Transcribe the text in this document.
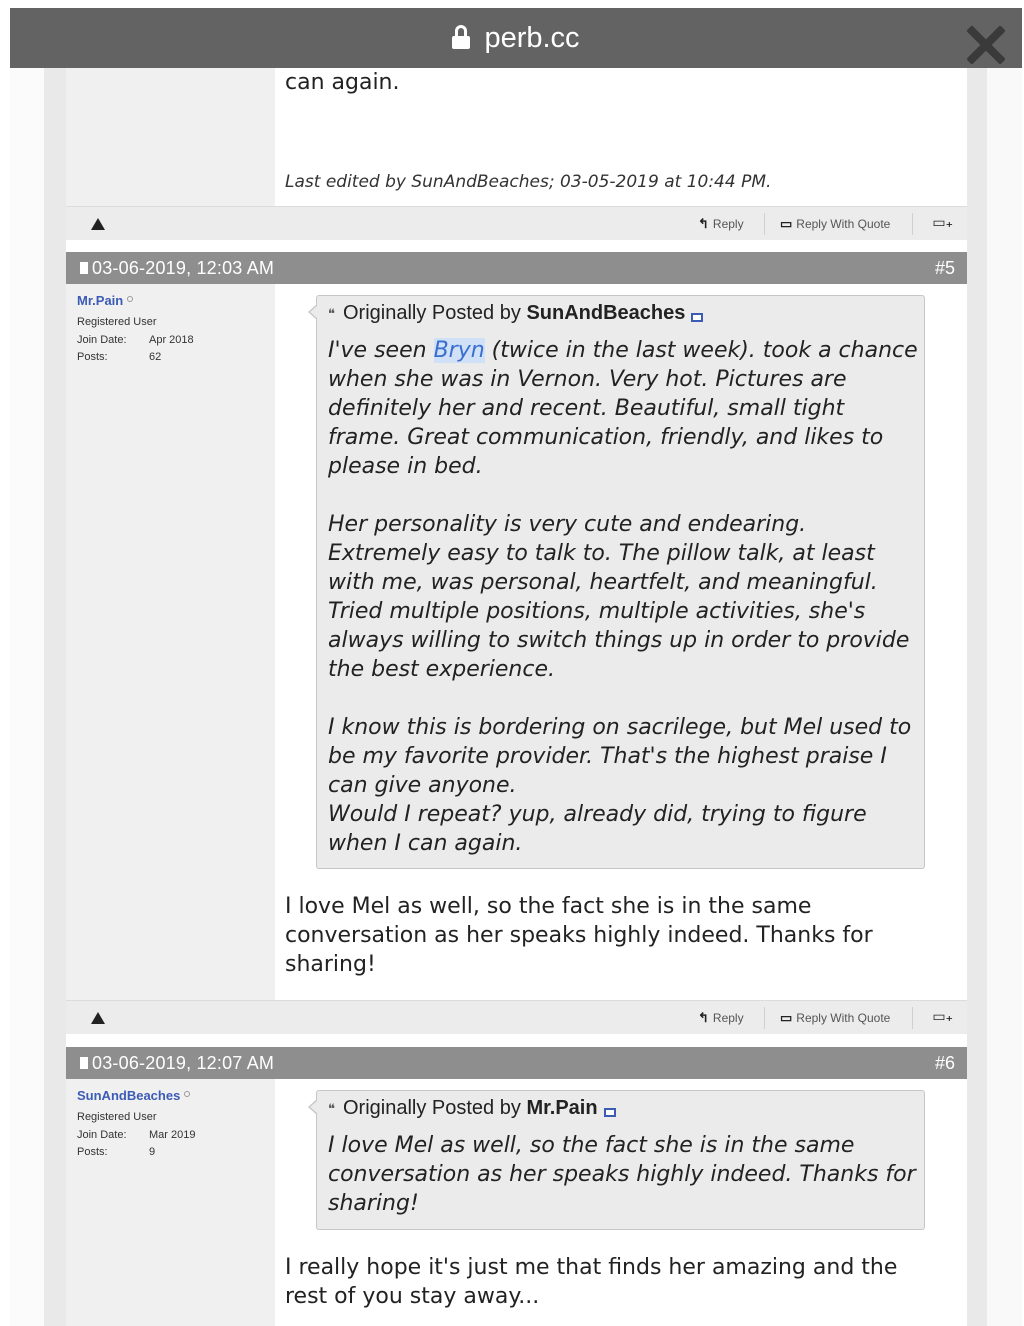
can again.
Last edited by SunAndBeaches; 03-05-2019 at 10:44 PM.
↰ Reply	▭ Reply With Quote	▭₊
03-06-2019, 12:03 AM	#5
Mr.Pain
Registered User
Join Date: Apr 2018
Posts:	62
❝ Originally Posted by SunAndBeaches
I've seen Bryn (twice in the last week). took a chance when she was in Vernon. Very hot. Pictures are definitely her and recent. Beautiful, small tight frame. Great communication, friendly, and likes to please in bed.
Her personality is very cute and endearing. Extremely easy to talk to. The pillow talk, at least with me, was personal, heartfelt, and meaningful. Tried multiple positions, multiple activities, she's always willing to switch things up in order to provide the best experience.
I know this is bordering on sacrilege, but Mel used to be my favorite provider. That's the highest praise I can give anyone.
Would I repeat? yup, already did, trying to figure when I can again.
I love Mel as well, so the fact she is in the same conversation as her speaks highly indeed. Thanks for sharing!
↰ Reply	▭ Reply With Quote	▭₊
03-06-2019, 12:07 AM	#6
SunAndBeaches
Registered User
Join Date: Mar 2019
Posts:	9
❝ Originally Posted by Mr.Pain
I love Mel as well, so the fact she is in the same conversation as her speaks highly indeed. Thanks for sharing!
I really hope it's just me that finds her amazing and the rest of you stay away...
perb.cc
